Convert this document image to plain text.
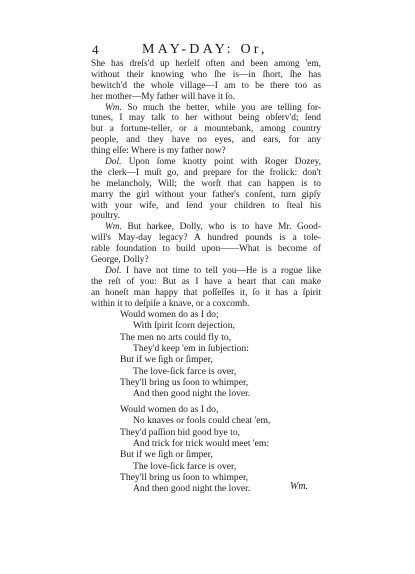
4	MAY-DAY: Or,
She has dreſs'd up herſelf often and been among 'em,
without their knowing who ſhe is—in ſhort, ſhe has
bewitch'd the whole village—I am to be there too as
her mother—My father will have it ſo.
Wm. So much the better, while you are telling for-
tunes, I may talk to her without being obſerv'd; ſend
but a fortune-teller, or a mountebank, among country
people, and they have no eyes, and ears, for any
thing elſe: Where is my father now?
Dol. Upon ſome knotty point with Roger Dozey,
the clerk—I muſt go, and prepare for the frolick: don't
be melancholy, Will; the worſt that can happen is to
marry the girl without your father's conſent, turn gipſy
with your wife, and ſend your children to ſteal his
poultry.
Wm. But harkee, Dolly, who is to have Mr. Good-
will's May-day legacy? A hundred pounds is a tole-
rable foundation to build upon——What is become of
George, Dolly?
Dol. I have not time to tell you—He is a rogue like
the reſt of you: But as I have a heart that can make
an honeſt man happy that poſſeſſes it, ſo it has a ſpirit
within it to deſpiſe a knave, or a coxcomb.
Would women do as I do;
With ſpirit ſcorn dejection,
The men no arts could fly to,
They'd keep 'em in ſubjection:
But if we ſigh or ſimper,
The love-ſick farce is over,
They'll bring us ſoon to whimper,
And then good night the lover.
Would women do as I do,
No knaves or fools could cheat 'em,
They'd paſſion bid good bye to,
And trick for trick would meet 'em:
But if we ſigh or ſimper,
The love-ſick farce is over,
They'll bring us ſoon to whimper,
And then good night the lover.	Wm.
